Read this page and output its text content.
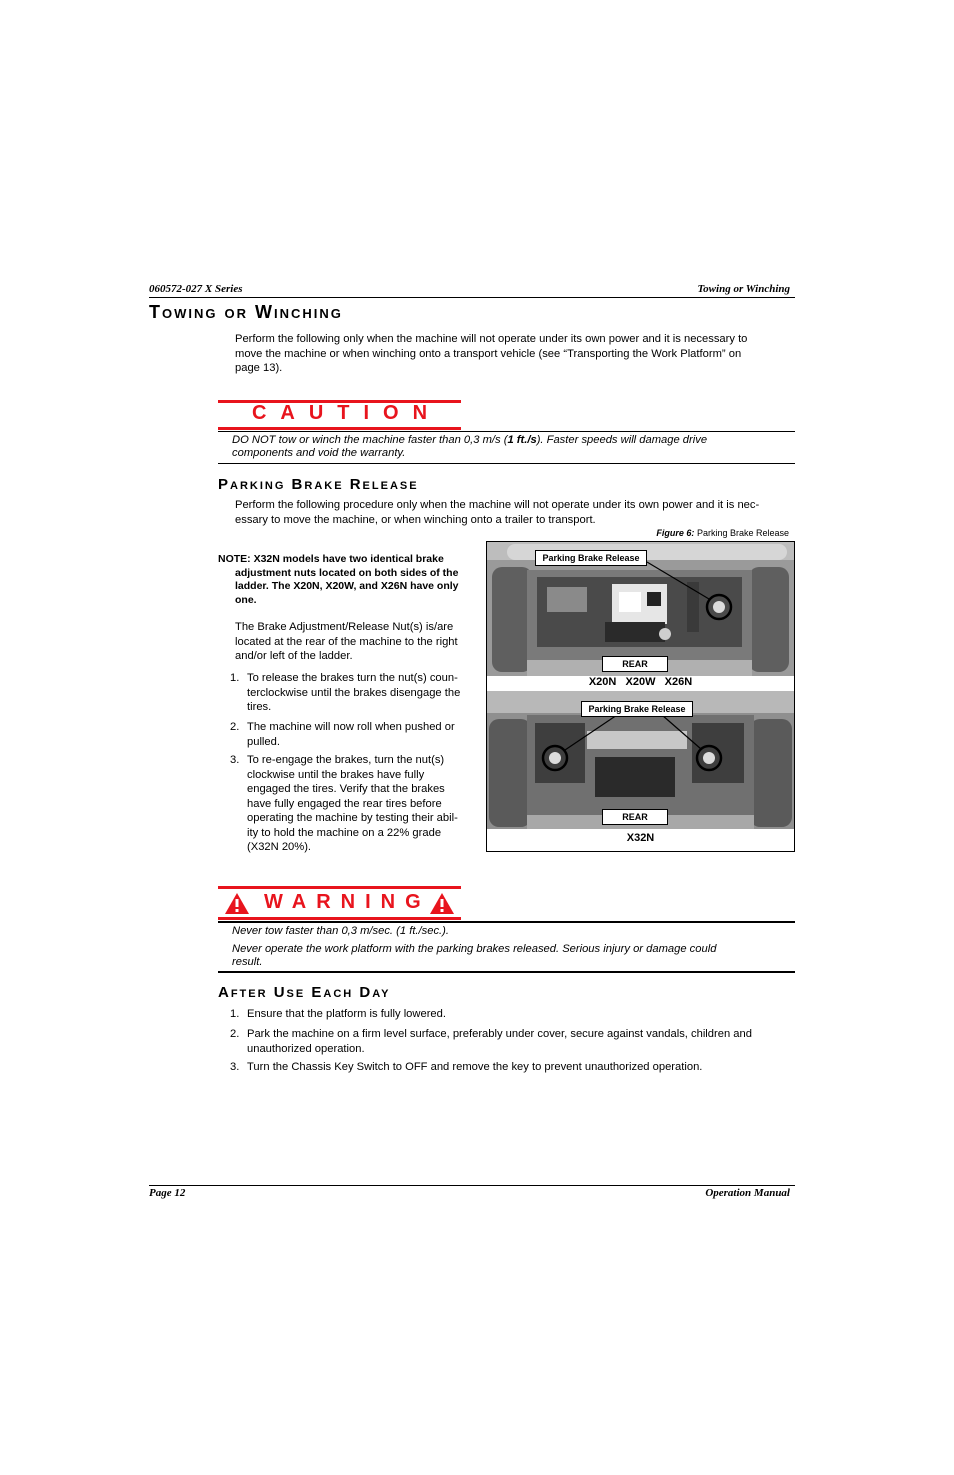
060572-027 X Series	Towing or Winching
Towing or Winching
Perform the following only when the machine will not operate under its own power and it is necessary to
move the machine or when winching onto a transport vehicle (see “Transporting the Work Platform” on
page 13).
CAUTION
DO NOT tow or winch the machine faster than 0,3 m/s (1 ft./s). Faster speeds will damage drive
components and void the warranty.
Parking Brake Release
Perform the following procedure only when the machine will not operate under its own power and it is nec-
essary to move the machine, or when winching onto a trailer to transport.
NOTE: X32N models have two identical brake
adjustment nuts located on both sides of the
ladder. The X20N, X20W, and X26N have only
one.
The Brake Adjustment/Release Nut(s) is/are
located at the rear of the machine to the right
and/or left of the ladder.
1. To release the brakes turn the nut(s) coun-
terclockwise until the brakes disengage the
tires.
2. The machine will now roll when pushed or
pulled.
3. To re-engage the brakes, turn the nut(s)
clockwise until the brakes have fully
engaged the tires. Verify that the brakes
have fully engaged the rear tires before
operating the machine by testing their abil-
ity to hold the machine on a 22% grade
(X32N 20%).
Figure 6: Parking Brake Release
Parking Brake Release
REAR
X20N   X20W   X26N
Parking Brake Release
REAR
X32N
WARNING
Never tow faster than 0,3 m/sec. (1 ft./sec.).
Never operate the work platform with the parking brakes released. Serious injury or damage could
result.
After Use Each Day
1. Ensure that the platform is fully lowered.
2. Park the machine on a firm level surface, preferably under cover, secure against vandals, children and
unauthorized operation.
3. Turn the Chassis Key Switch to OFF and remove the key to prevent unauthorized operation.
Page 12	Operation Manual
